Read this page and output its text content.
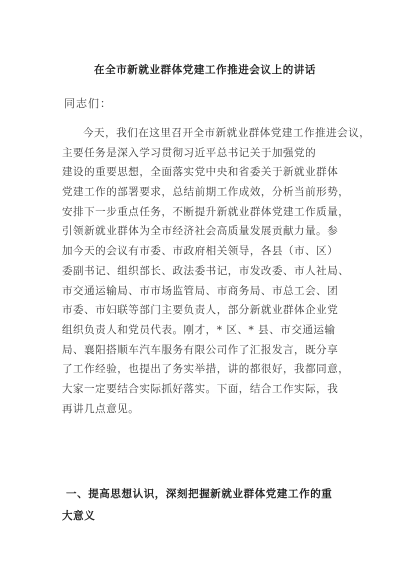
在全市新就业群体党建工作推进会议上的讲话
同志们：
今天，我们在这里召开全市新就业群体党建工作推进会议，
主要任务是深入学习贯彻习近平总书记关于加强党的
建设的重要思想，全面落实党中央和省委关于新就业群体
党建工作的部署要求，总结前期工作成效，分析当前形势，
安排下一步重点任务，不断提升新就业群体党建工作质量，
引领新就业群体为全市经济社会高质量发展贡献力量。参
加今天的会议有市委、市政府相关领导，各县（市、区）
委副书记、组织部长、政法委书记，市发改委、市人社局、
市交通运输局、市市场监管局、市商务局、市总工会、团
市委、市妇联等部门主要负责人，部分新就业群体企业党
组织负责人和党员代表。刚才，* 区、* 县、市交通运输
局、襄阳搭顺车汽车服务有限公司作了汇报发言，既分享
了工作经验，也提出了务实举措，讲的都很好，我都同意，
大家一定要结合实际抓好落实。下面，结合工作实际，我
再讲几点意见。
一、提高思想认识，深刻把握新就业群体党建工作的重
大意义
